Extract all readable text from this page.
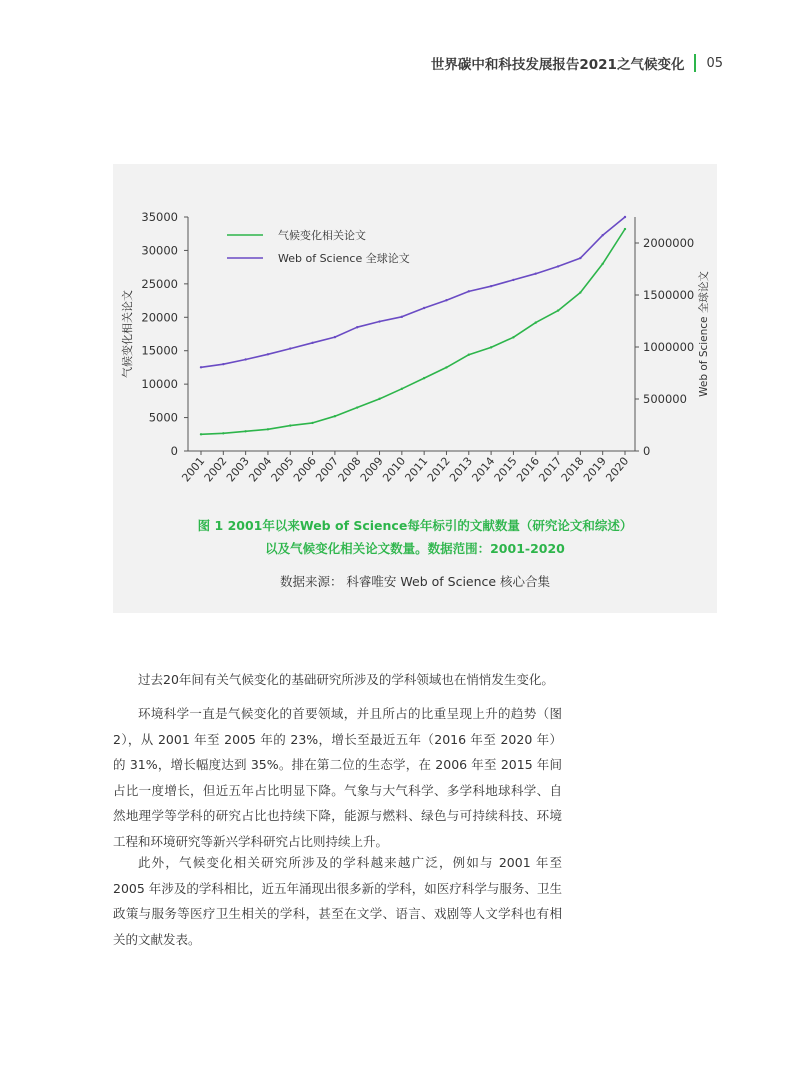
世界碳中和科技发展报告2021之气候变化 05
35000
30000
25000
20000
15000
10000
5000
0
2000000
1500000
1000000
500000
0
2001
2002
2003
2004
2005
2006
2007
2008
2009
2010
2011
2012
2013
2014
2015
2016
2017
2018
2019
2020
气候变化相关论文	Web of Science 全球论文
气候变化相关论文
Web of Science 全球论文
图 1 2001年以来Web of Science每年标引的文献数量（研究论文和综述）
以及气候变化相关论文数量。数据范围：2001-2020
数据来源： 科睿唯安 Web of Science 核心合集

过去20年间有关气候变化的基础研究所涉及的学科领域也在悄悄发生变化。

环境科学一直是气候变化的首要领域，并且所占的比重呈现上升的趋势（图2），从 2001 年至 2005 年的 23%，增长至最近五年（2016 年至 2020 年）的 31%，增长幅度达到 35%。排在第二位的生态学，在 2006 年至 2015 年间占比一度增长，但近五年占比明显下降。气象与大气科学、多学科地球科学、自然地理学等学科的研究占比也持续下降，能源与燃料、绿色与可持续科技、环境工程和环境研究等新兴学科研究占比则持续上升。

此外，气候变化相关研究所涉及的学科越来越广泛，例如与 2001 年至 2005 年涉及的学科相比，近五年涌现出很多新的学科，如医疗科学与服务、卫生政策与服务等医疗卫生相关的学科，甚至在文学、语言、戏剧等人文学科也有相关的文献发表。
